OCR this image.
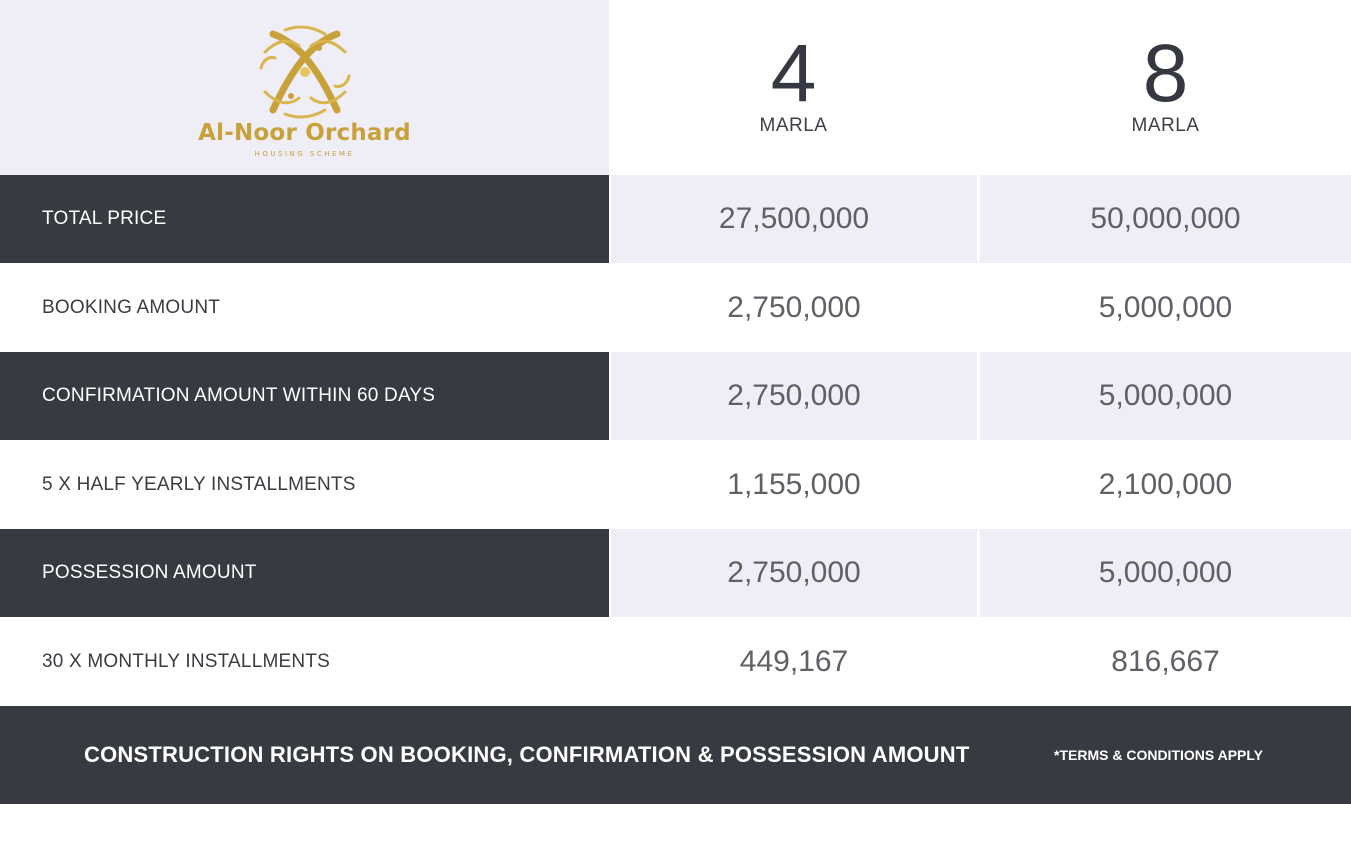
Al-Noor Orchard
HOUSING SCHEME
4
MARLA
8
MARLA
TOTAL PRICE	27,500,000	50,000,000
BOOKING AMOUNT	2,750,000	5,000,000
CONFIRMATION AMOUNT WITHIN 60 DAYS	2,750,000	5,000,000
5 X HALF YEARLY INSTALLMENTS	1,155,000	2,100,000
POSSESSION AMOUNT	2,750,000	5,000,000
30 X MONTHLY INSTALLMENTS	449,167	816,667
CONSTRUCTION RIGHTS ON BOOKING, CONFIRMATION & POSSESSION AMOUNT	*TERMS & CONDITIONS APPLY
